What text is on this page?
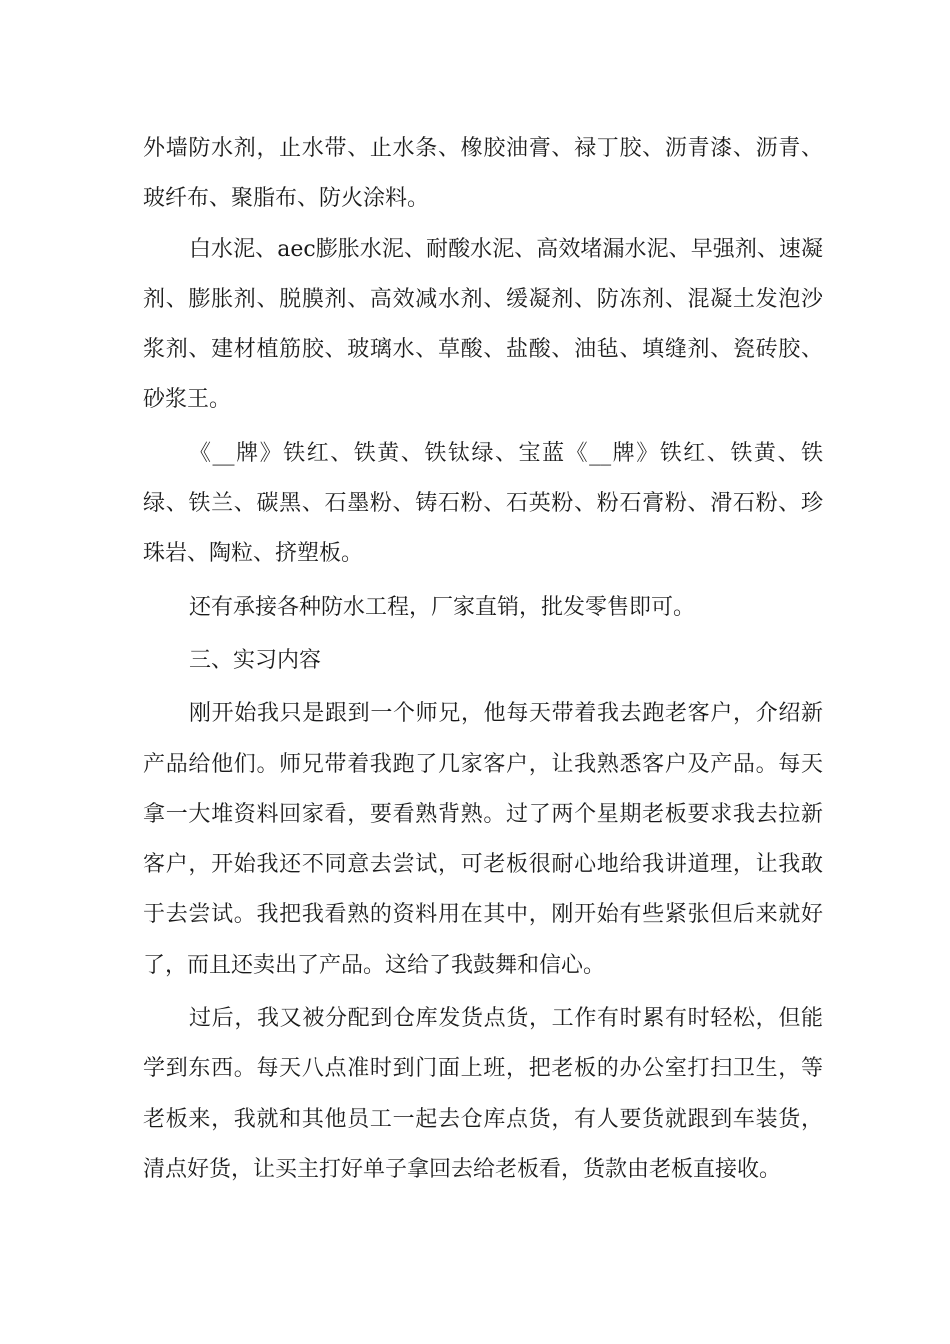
外墙防水剂，止水带、止水条、橡胶油膏、禄丁胶、沥青漆、沥青、玻纤布、聚脂布、防火涂料。

白水泥、aec膨胀水泥、耐酸水泥、高效堵漏水泥、早强剂、速凝剂、膨胀剂、脱膜剂、高效减水剂、缓凝剂、防冻剂、混凝土发泡沙浆剂、建材植筋胶、玻璃水、草酸、盐酸、油毡、填缝剂、瓷砖胶、砂浆王。

《__牌》铁红、铁黄、铁钛绿、宝蓝《__牌》铁红、铁黄、铁绿、铁兰、碳黑、石墨粉、铸石粉、石英粉、粉石膏粉、滑石粉、珍珠岩、陶粒、挤塑板。

还有承接各种防水工程，厂家直销，批发零售即可。

三、实习内容

刚开始我只是跟到一个师兄，他每天带着我去跑老客户，介绍新产品给他们。师兄带着我跑了几家客户，让我熟悉客户及产品。每天拿一大堆资料回家看，要看熟背熟。过了两个星期老板要求我去拉新客户，开始我还不同意去尝试，可老板很耐心地给我讲道理，让我敢于去尝试。我把我看熟的资料用在其中，刚开始有些紧张但后来就好了，而且还卖出了产品。这给了我鼓舞和信心。

过后，我又被分配到仓库发货点货，工作有时累有时轻松，但能学到东西。每天八点准时到门面上班，把老板的办公室打扫卫生，等老板来，我就和其他员工一起去仓库点货，有人要货就跟到车装货，清点好货，让买主打好单子拿回去给老板看，货款由老板直接收。
